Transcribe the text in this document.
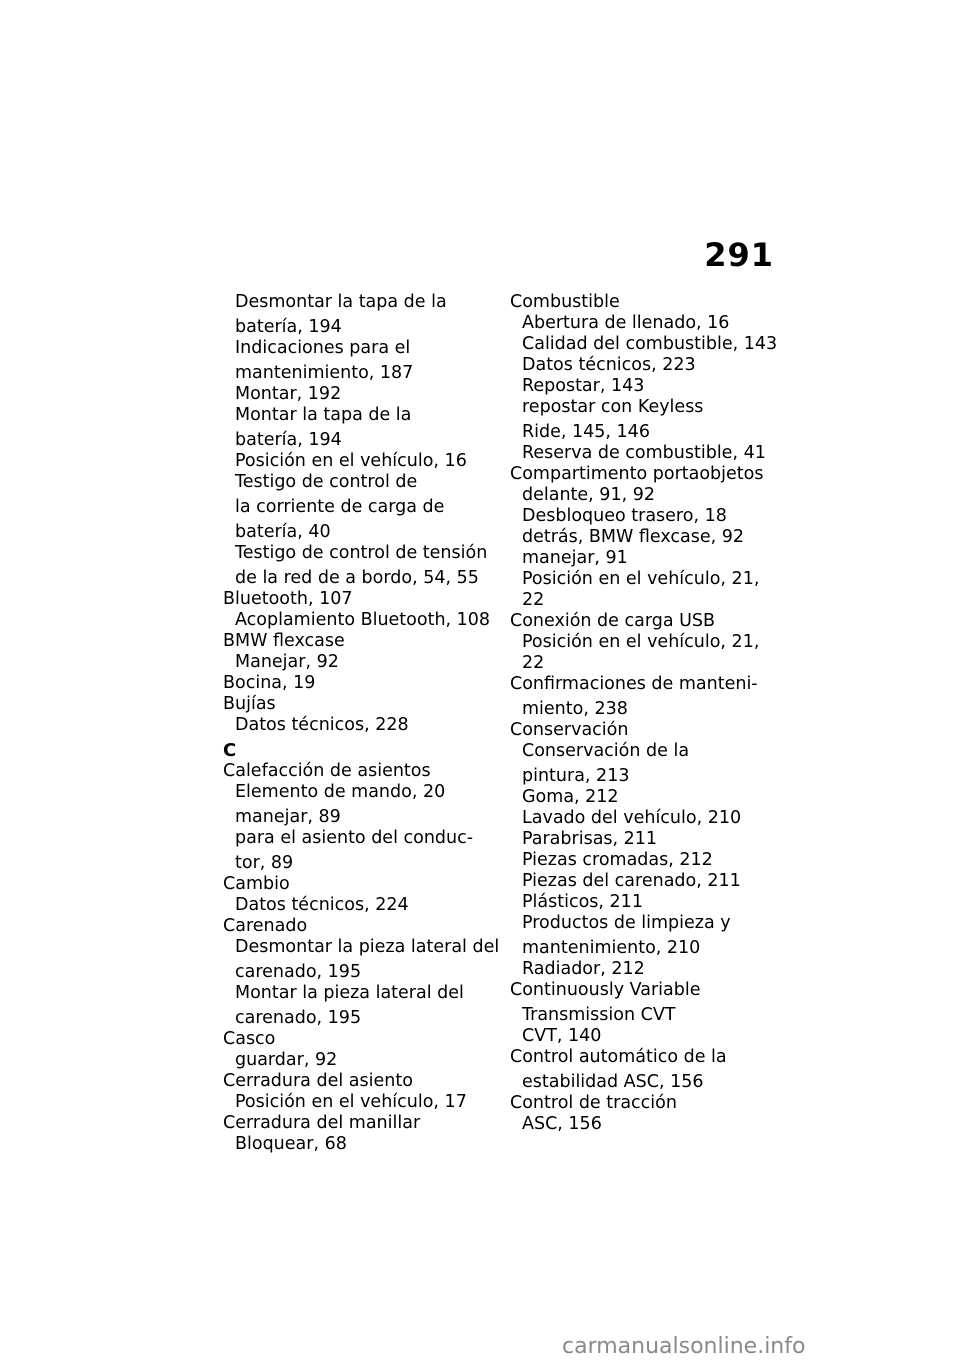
291
Desmontar la tapa de la
batería, 194
Indicaciones para el
mantenimiento, 187
Montar, 192
Montar la tapa de la
batería, 194
Posición en el vehículo, 16
Testigo de control de
la corriente de carga de
batería, 40
Testigo de control de tensión
de la red de a bordo, 54, 55
Bluetooth, 107
Acoplamiento Bluetooth, 108
BMW flexcase
Manejar, 92
Bocina, 19
Bujías
Datos técnicos, 228
C
Calefacción de asientos
Elemento de mando, 20
manejar, 89
para el asiento del conduc-
tor, 89
Cambio
Datos técnicos, 224
Carenado
Desmontar la pieza lateral del
carenado, 195
Montar la pieza lateral del
carenado, 195
Casco
guardar, 92
Cerradura del asiento
Posición en el vehículo, 17
Cerradura del manillar
Bloquear, 68
Combustible
Abertura de llenado, 16
Calidad del combustible, 143
Datos técnicos, 223
Repostar, 143
repostar con Keyless
Ride, 145, 146
Reserva de combustible, 41
Compartimento portaobjetos
delante, 91, 92
Desbloqueo trasero, 18
detrás, BMW flexcase, 92
manejar, 91
Posición en el vehículo, 21,
22
Conexión de carga USB
Posición en el vehículo, 21,
22
Confirmaciones de manteni-
miento, 238
Conservación
Conservación de la
pintura, 213
Goma, 212
Lavado del vehículo, 210
Parabrisas, 211
Piezas cromadas, 212
Piezas del carenado, 211
Plásticos, 211
Productos de limpieza y
mantenimiento, 210
Radiador, 212
Continuously Variable
Transmission CVT
CVT, 140
Control automático de la
estabilidad ASC, 156
Control de tracción
ASC, 156
carmanualsonline.info
